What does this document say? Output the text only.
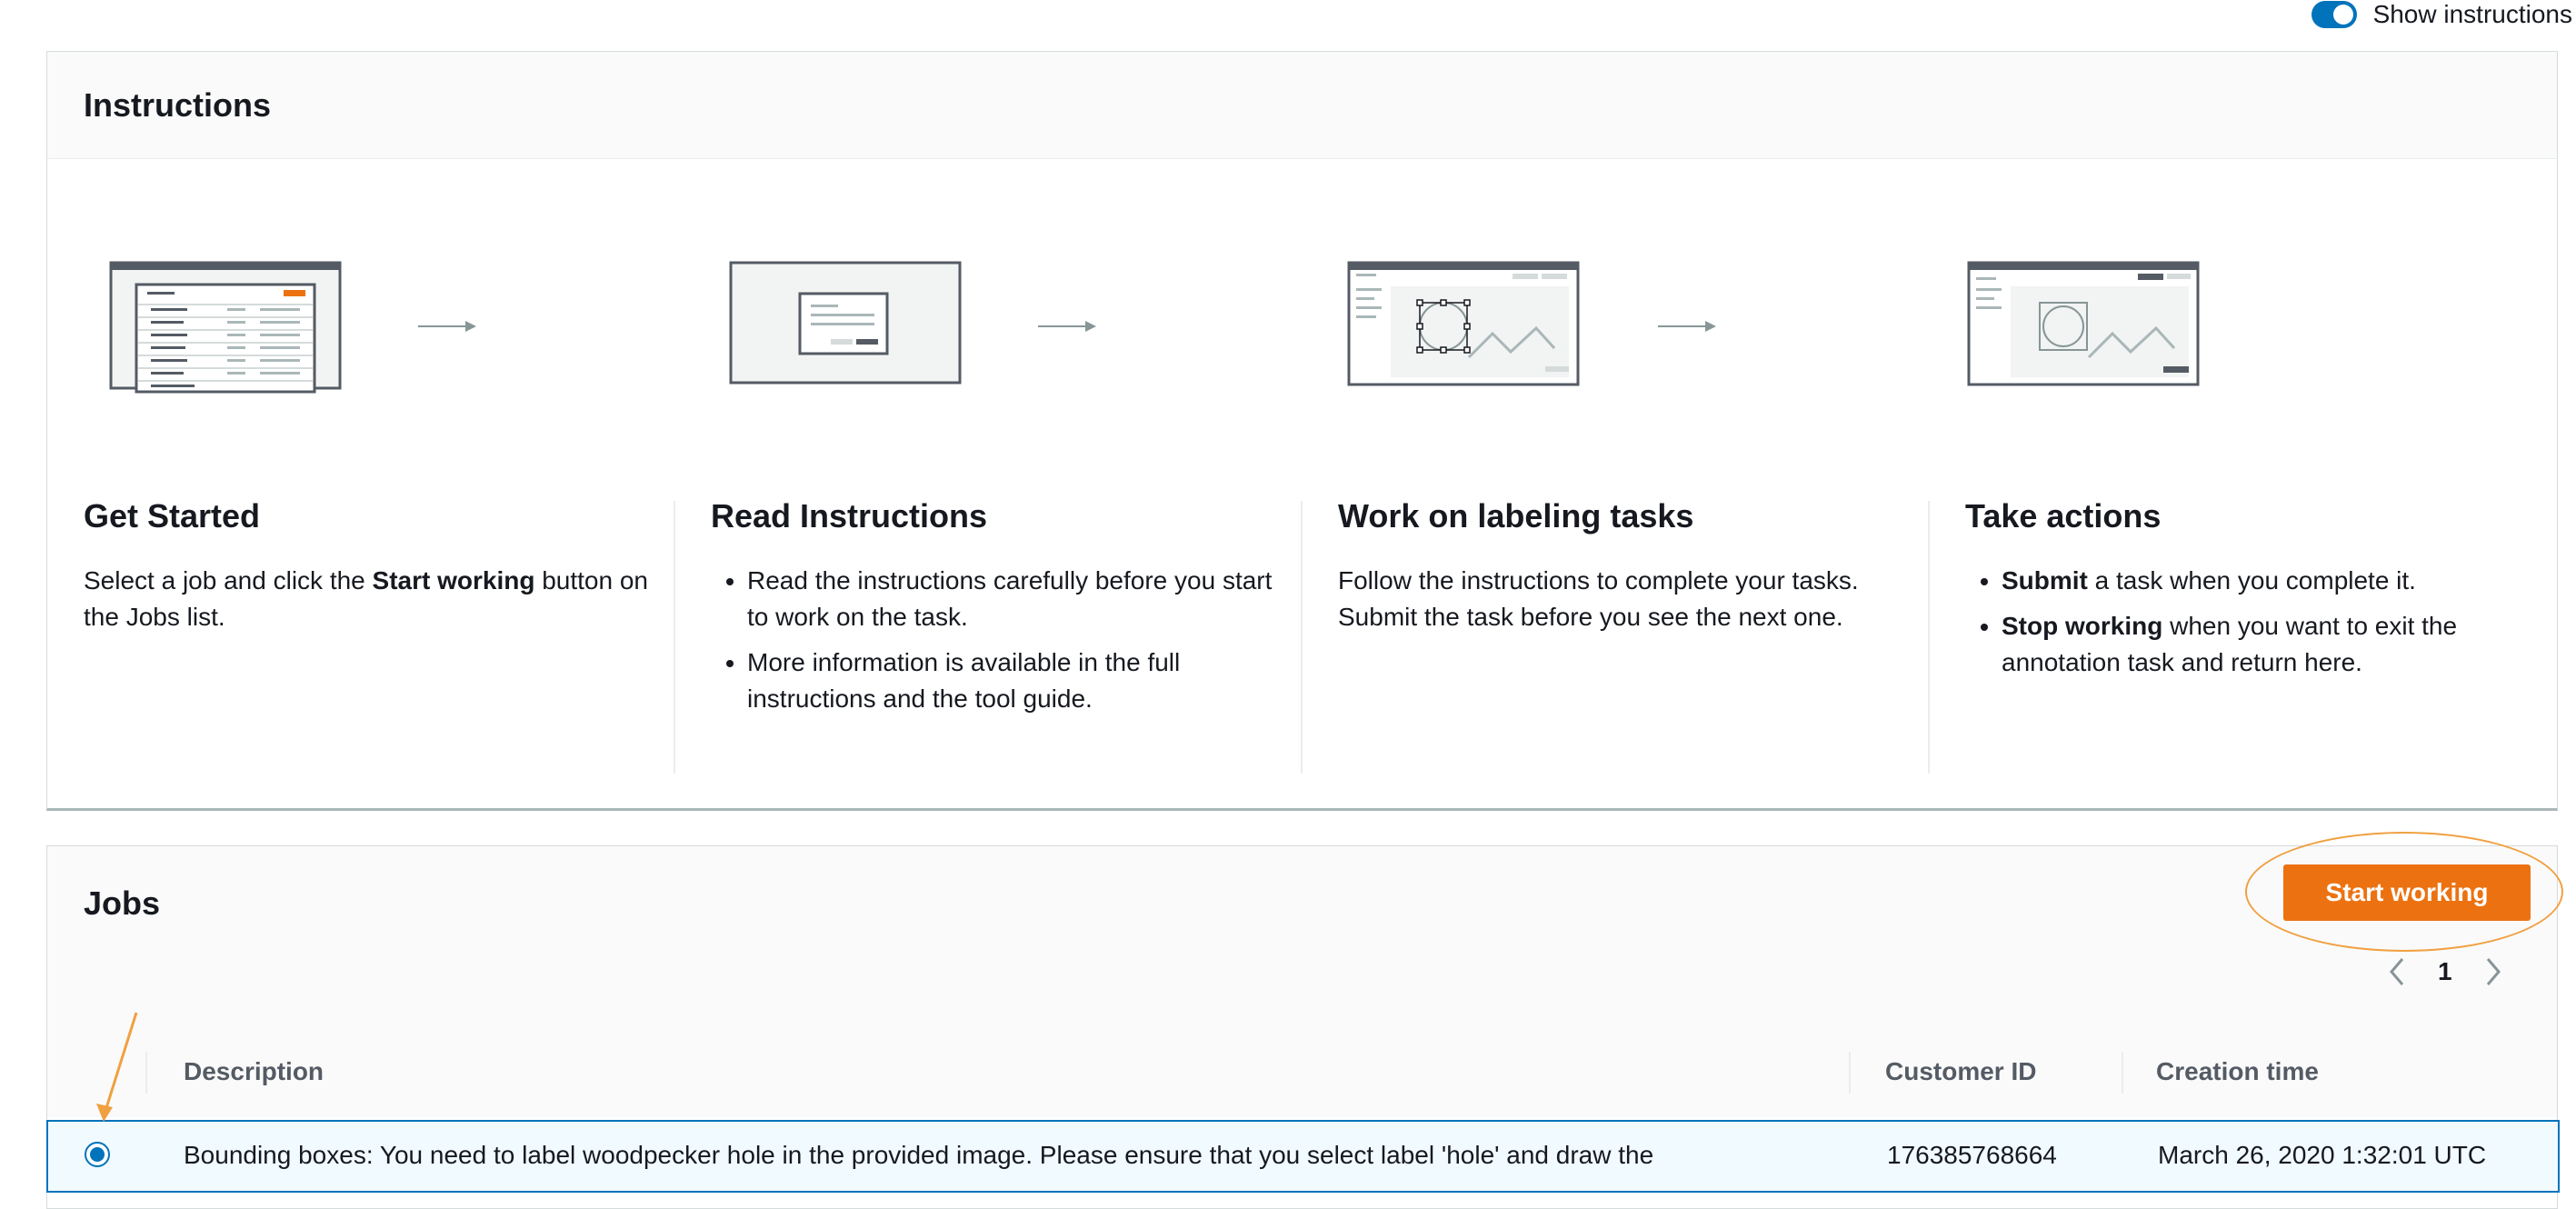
Show instructions
Instructions
Get Started

Select a job and click the Start working button on the Jobs list.

Read Instructions
• Read the instructions carefully before you start to work on the task.
• More information is available in the full instructions and the tool guide.
Work on labeling tasks

Follow the instructions to complete your tasks. Submit the task before you see the next one.

Take actions
• Submit a task when you complete it.
• Stop working when you want to exit the annotation task and return here.
Jobs	Start working
1
Description	Customer ID	Creation time
Bounding boxes: You need to label woodpecker hole in the provided image. Please ensure that you select label 'hole' and draw the	176385768664	March 26, 2020 1:32:01 UTC
